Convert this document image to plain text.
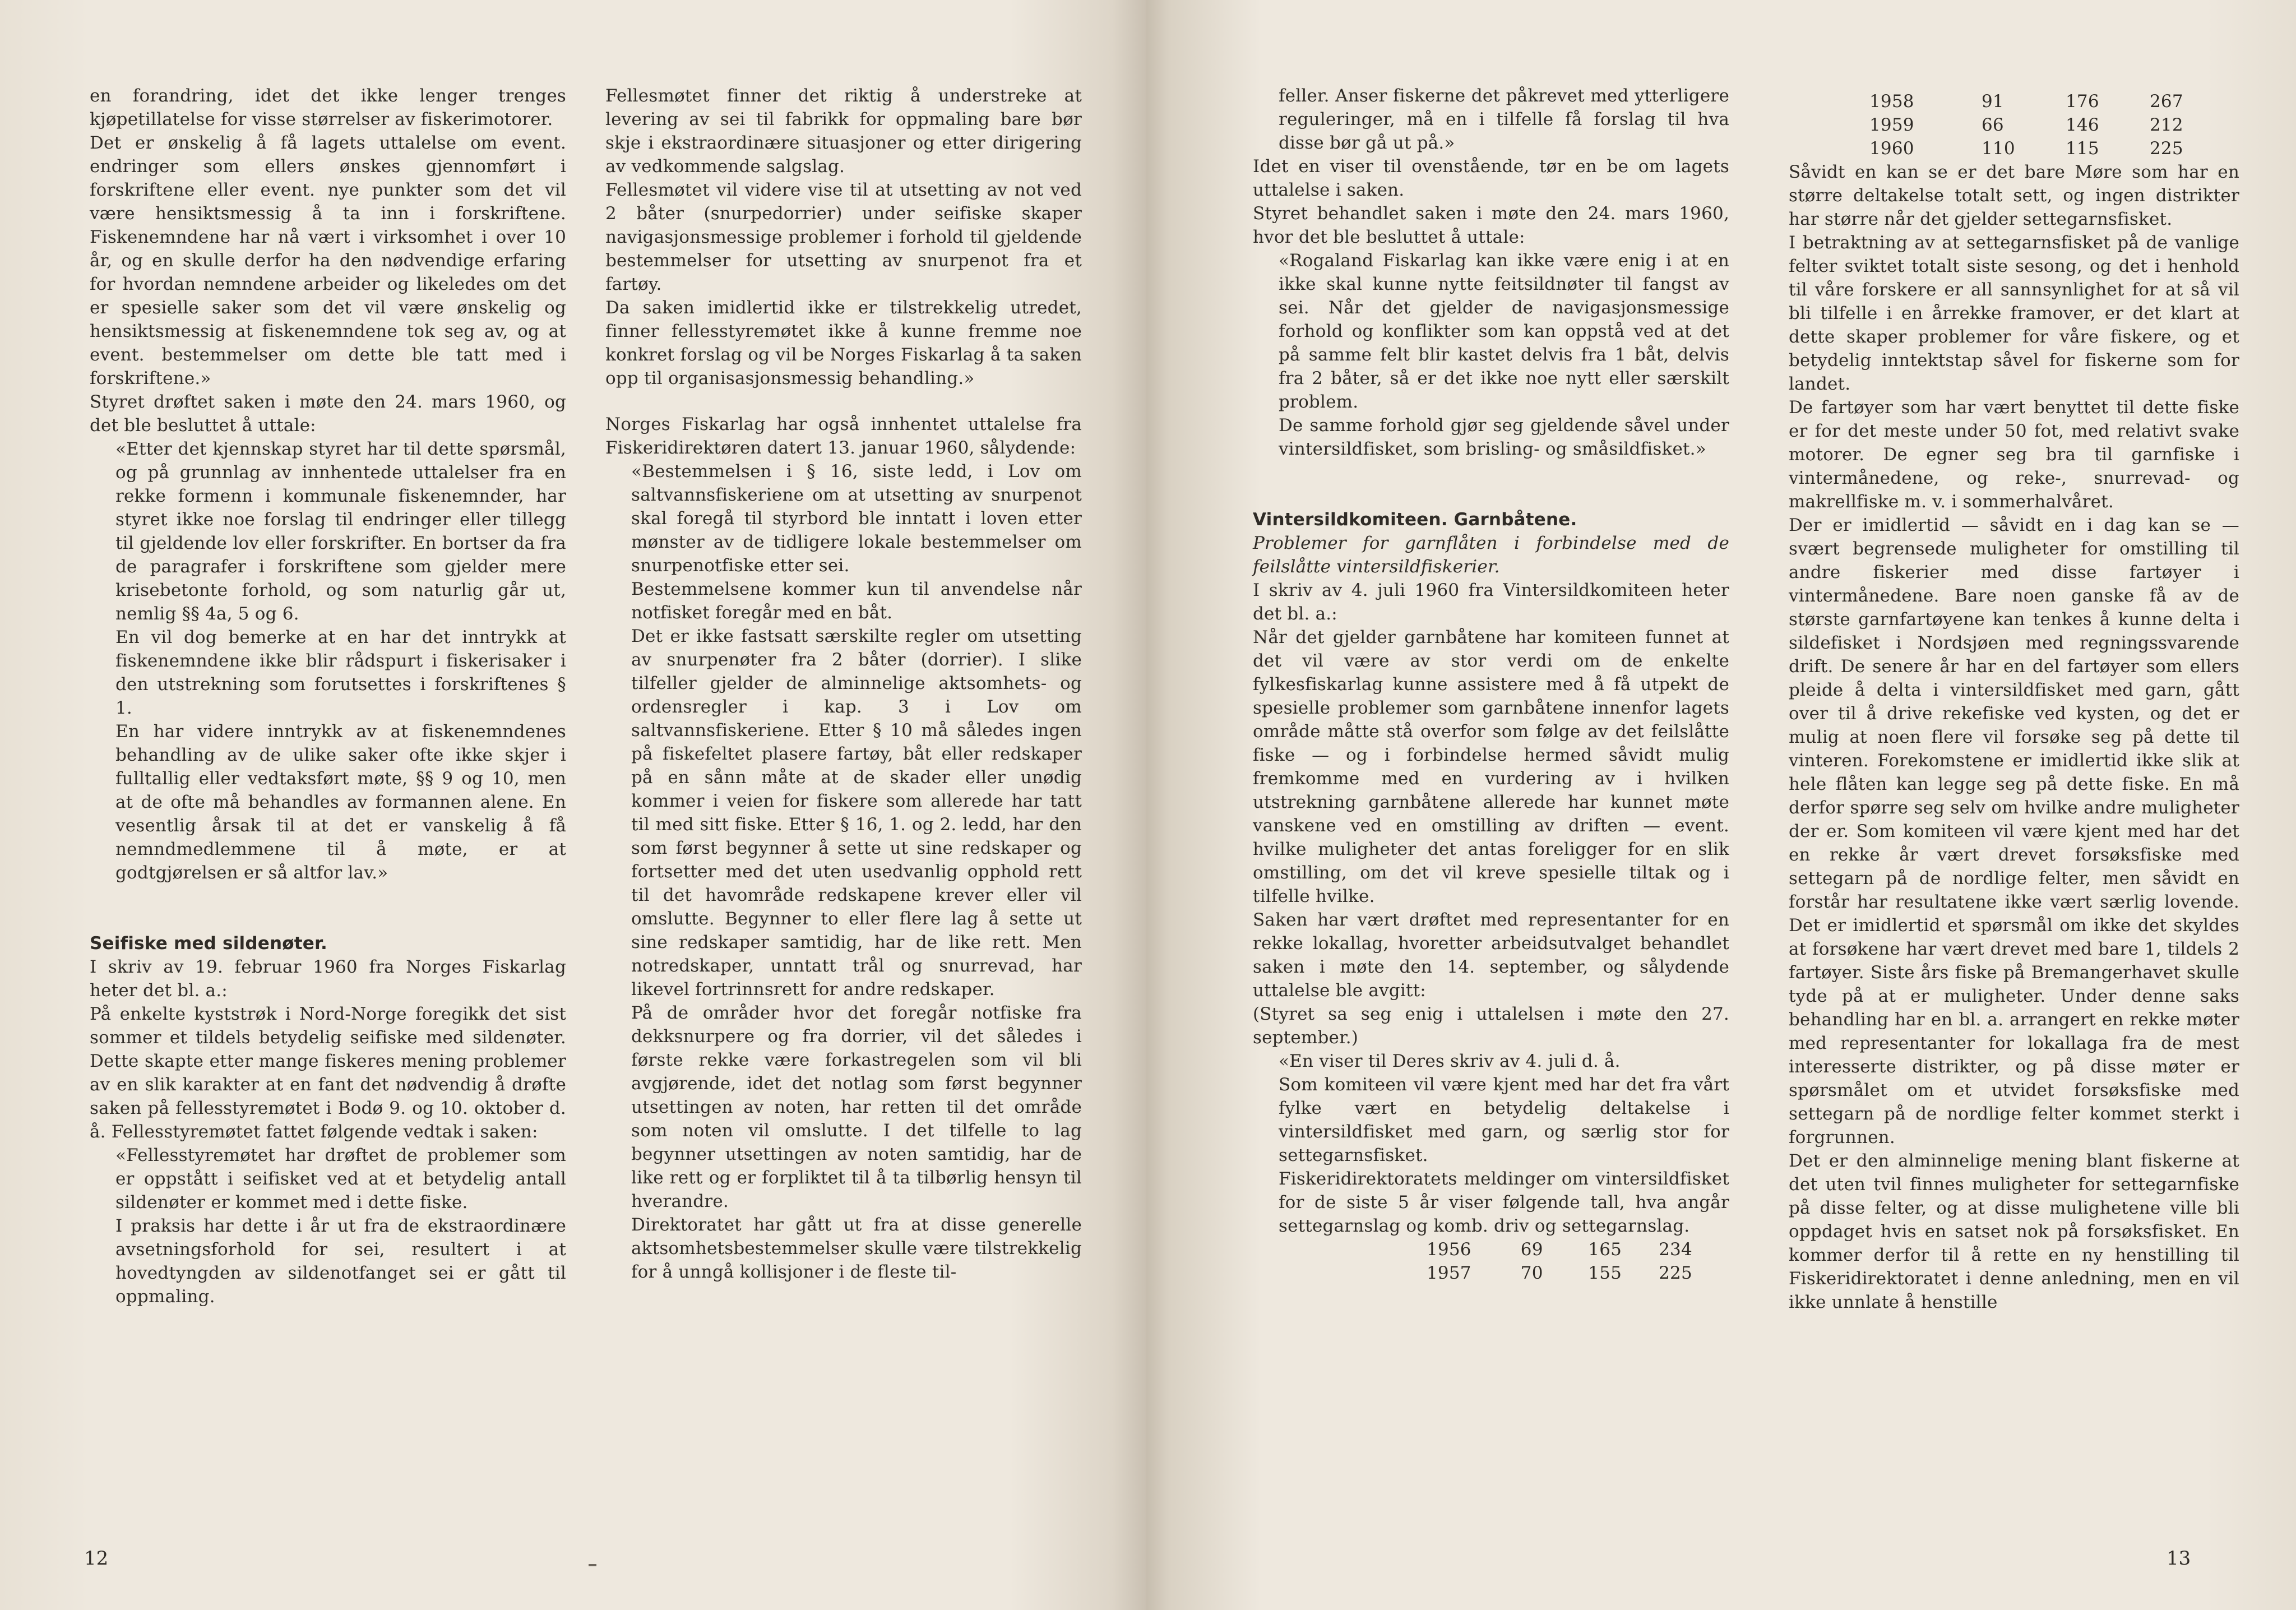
en forandring, idet det ikke lenger trenges kjøpetillatelse for visse størrelser av fiskerimotorer.
Det er ønskelig å få lagets uttalelse om event. endringer som ellers ønskes gjennomført i forskriftene eller event. nye punkter som det vil være hensiktsmessig å ta inn i forskriftene. Fiskenemndene har nå vært i virksomhet i over 10 år, og en skulle derfor ha den nødvendige erfaring for hvordan nemndene arbeider og likeledes om det er spesielle saker som det vil være ønskelig og hensiktsmessig at fiskenemndene tok seg av, og at event. bestemmelser om dette ble tatt med i forskriftene.»
Styret drøftet saken i møte den 24. mars 1960, og det ble besluttet å uttale:
«Etter det kjennskap styret har til dette spørsmål, og på grunnlag av innhentede uttalelser fra en rekke formenn i kommunale fiskenemnder, har styret ikke noe forslag til endringer eller tillegg til gjeldende lov eller forskrifter. En bortser da fra de paragrafer i forskriftene som gjelder mere krisebetonte forhold, og som naturlig går ut, nemlig §§ 4a, 5 og 6.
En vil dog bemerke at en har det inntrykk at fiskenemndene ikke blir rådspurt i fiskerisaker i den utstrekning som forutsettes i forskriftenes § 1.
En har videre inntrykk av at fiskenemndenes behandling av de ulike saker ofte ikke skjer i fulltallig eller vedtaksført møte, §§ 9 og 10, men at de ofte må behandles av formannen alene. En vesentlig årsak til at det er vanskelig å få nemndmedlemmene til å møte, er at godtgjørelsen er så altfor lav.»
Seifiske med sildenøter.
I skriv av 19. februar 1960 fra Norges Fiskarlag heter det bl. a.:
På enkelte kyststrøk i Nord-Norge foregikk det sist sommer et tildels betydelig seifiske med sildenøter. Dette skapte etter mange fiskeres mening problemer av en slik karakter at en fant det nødvendig å drøfte saken på fellesstyremøtet i Bodø 9. og 10. oktober d. å. Fellesstyremøtet fattet følgende vedtak i saken:
«Fellesstyremøtet har drøftet de problemer som er oppstått i seifisket ved at et betydelig antall sildenøter er kommet med i dette fiske.
I praksis har dette i år ut fra de ekstraordinære avsetningsforhold for sei, resultert i at hovedtyngden av sildenotfanget sei er gått til oppmaling.
Fellesmøtet finner det riktig å understreke at levering av sei til fabrikk for oppmaling bare bør skje i ekstraordinære situasjoner og etter dirigering av vedkommende salgslag.
Fellesmøtet vil videre vise til at utsetting av not ved 2 båter (snurpedorrier) under seifiske skaper navigasjonsmessige problemer i forhold til gjeldende bestemmelser for utsetting av snurpenot fra et fartøy.
Da saken imidlertid ikke er tilstrekkelig utredet, finner fellesstyremøtet ikke å kunne fremme noe konkret forslag og vil be Norges Fiskarlag å ta saken opp til organisasjonsmessig behandling.»
Norges Fiskarlag har også innhentet uttalelse fra Fiskeridirektøren datert 13. januar 1960, sålydende:
«Bestemmelsen i § 16, siste ledd, i Lov om saltvannsfiskeriene om at utsetting av snurpenot skal foregå til styrbord ble inntatt i loven etter mønster av de tidligere lokale bestemmelser om snurpenotfiske etter sei.
Bestemmelsene kommer kun til anvendelse når notfisket foregår med en båt.
Det er ikke fastsatt særskilte regler om utsetting av snurpenøter fra 2 båter (dorrier). I slike tilfeller gjelder de alminnelige aktsomhets- og ordensregler i kap. 3 i Lov om saltvannsfiskeriene. Etter § 10 må således ingen på fiskefeltet plasere fartøy, båt eller redskaper på en sånn måte at de skader eller unødig kommer i veien for fiskere som allerede har tatt til med sitt fiske. Etter § 16, 1. og 2. ledd, har den som først begynner å sette ut sine redskaper og fortsetter med det uten usedvanlig opphold rett til det havområde redskapene krever eller vil omslutte. Begynner to eller flere lag å sette ut sine redskaper samtidig, har de like rett. Men notredskaper, unntatt trål og snurrevad, har likevel fortrinnsrett for andre redskaper.
På de områder hvor det foregår notfiske fra dekksnurpere og fra dorrier, vil det således i første rekke være forkastregelen som vil bli avgjørende, idet det notlag som først begynner utsettingen av noten, har retten til det område som noten vil omslutte. I det tilfelle to lag begynner utsettingen av noten samtidig, har de like rett og er forpliktet til å ta tilbørlig hensyn til hverandre.
Direktoratet har gått ut fra at disse generelle aktsomhetsbestemmelser skulle være tilstrekkelig for å unngå kollisjoner i de fleste til-
12
feller. Anser fiskerne det påkrevet med ytterligere reguleringer, må en i tilfelle få forslag til hva disse bør gå ut på.»
Idet en viser til ovenstående, tør en be om lagets uttalelse i saken.
Styret behandlet saken i møte den 24. mars 1960, hvor det ble besluttet å uttale:
«Rogaland Fiskarlag kan ikke være enig i at en ikke skal kunne nytte feitsildnøter til fangst av sei. Når det gjelder de navigasjonsmessige forhold og konflikter som kan oppstå ved at det på samme felt blir kastet delvis fra 1 båt, delvis fra 2 båter, så er det ikke noe nytt eller særskilt problem.
De samme forhold gjør seg gjeldende såvel under vintersildfisket, som brisling- og småsildfisket.»
Vintersildkomiteen. Garnbåtene.
Problemer for garnflåten i forbindelse med de feilslåtte vintersildfiskerier.
I skriv av 4. juli 1960 fra Vintersildkomiteen heter det bl. a.:
Når det gjelder garnbåtene har komiteen funnet at det vil være av stor verdi om de enkelte fylkesfiskarlag kunne assistere med å få utpekt de spesielle problemer som garnbåtene innenfor lagets område måtte stå overfor som følge av det feilslåtte fiske — og i forbindelse hermed såvidt mulig fremkomme med en vurdering av i hvilken utstrekning garnbåtene allerede har kunnet møte vanskene ved en omstilling av driften — event. hvilke muligheter det antas foreligger for en slik omstilling, om det vil kreve spesielle tiltak og i tilfelle hvilke.
Saken har vært drøftet med representanter for en rekke lokallag, hvoretter arbeidsutvalget behandlet saken i møte den 14. september, og sålydende uttalelse ble avgitt:
(Styret sa seg enig i uttalelsen i møte den 27. september.)
«En viser til Deres skriv av 4. juli d. å.
Som komiteen vil være kjent med har det fra vårt fylke vært en betydelig deltakelse i vintersildfisket med garn, og særlig stor for settegarnsfisket.
Fiskeridirektoratets meldinger om vintersildfisket for de siste 5 år viser følgende tall, hva angår settegarnslag og komb. driv og settegarnslag.
1956	69	165	234
1957	70	155	225
1958	91	176	267
1959	66	146	212
1960	110	115	225
Såvidt en kan se er det bare Møre som har en større deltakelse totalt sett, og ingen distrikter har større når det gjelder settegarnsfisket.
I betraktning av at settegarnsfisket på de vanlige felter sviktet totalt siste sesong, og det i henhold til våre forskere er all sannsynlighet for at så vil bli tilfelle i en årrekke framover, er det klart at dette skaper problemer for våre fiskere, og et betydelig inntektstap såvel for fiskerne som for landet.
De fartøyer som har vært benyttet til dette fiske er for det meste under 50 fot, med relativt svake motorer. De egner seg bra til garnfiske i vintermånedene, og reke-, snurrevad- og makrellfiske m. v. i sommerhalvåret.
Der er imidlertid — såvidt en i dag kan se — svært begrensede muligheter for omstilling til andre fiskerier med disse fartøyer i vintermånedene. Bare noen ganske få av de største garnfartøyene kan tenkes å kunne delta i sildefisket i Nordsjøen med regningssvarende drift. De senere år har en del fartøyer som ellers pleide å delta i vintersildfisket med garn, gått over til å drive rekefiske ved kysten, og det er mulig at noen flere vil forsøke seg på dette til vinteren. Forekomstene er imidlertid ikke slik at hele flåten kan legge seg på dette fiske. En må derfor spørre seg selv om hvilke andre muligheter der er. Som komiteen vil være kjent med har det en rekke år vært drevet forsøksfiske med settegarn på de nordlige felter, men såvidt en forstår har resultatene ikke vært særlig lovende. Det er imidlertid et spørsmål om ikke det skyldes at forsøkene har vært drevet med bare 1, tildels 2 fartøyer. Siste års fiske på Bremangerhavet skulle tyde på at er muligheter. Under denne saks behandling har en bl. a. arrangert en rekke møter med representanter for lokallaga fra de mest interesserte distrikter, og på disse møter er spørsmålet om et utvidet forsøksfiske med settegarn på de nordlige felter kommet sterkt i forgrunnen.
Det er den alminnelige mening blant fiskerne at det uten tvil finnes muligheter for settegarnfiske på disse felter, og at disse mulighetene ville bli oppdaget hvis en satset nok på forsøksfisket. En kommer derfor til å rette en ny henstilling til Fiskeridirektoratet i denne anledning, men en vil ikke unnlate å henstille
13
